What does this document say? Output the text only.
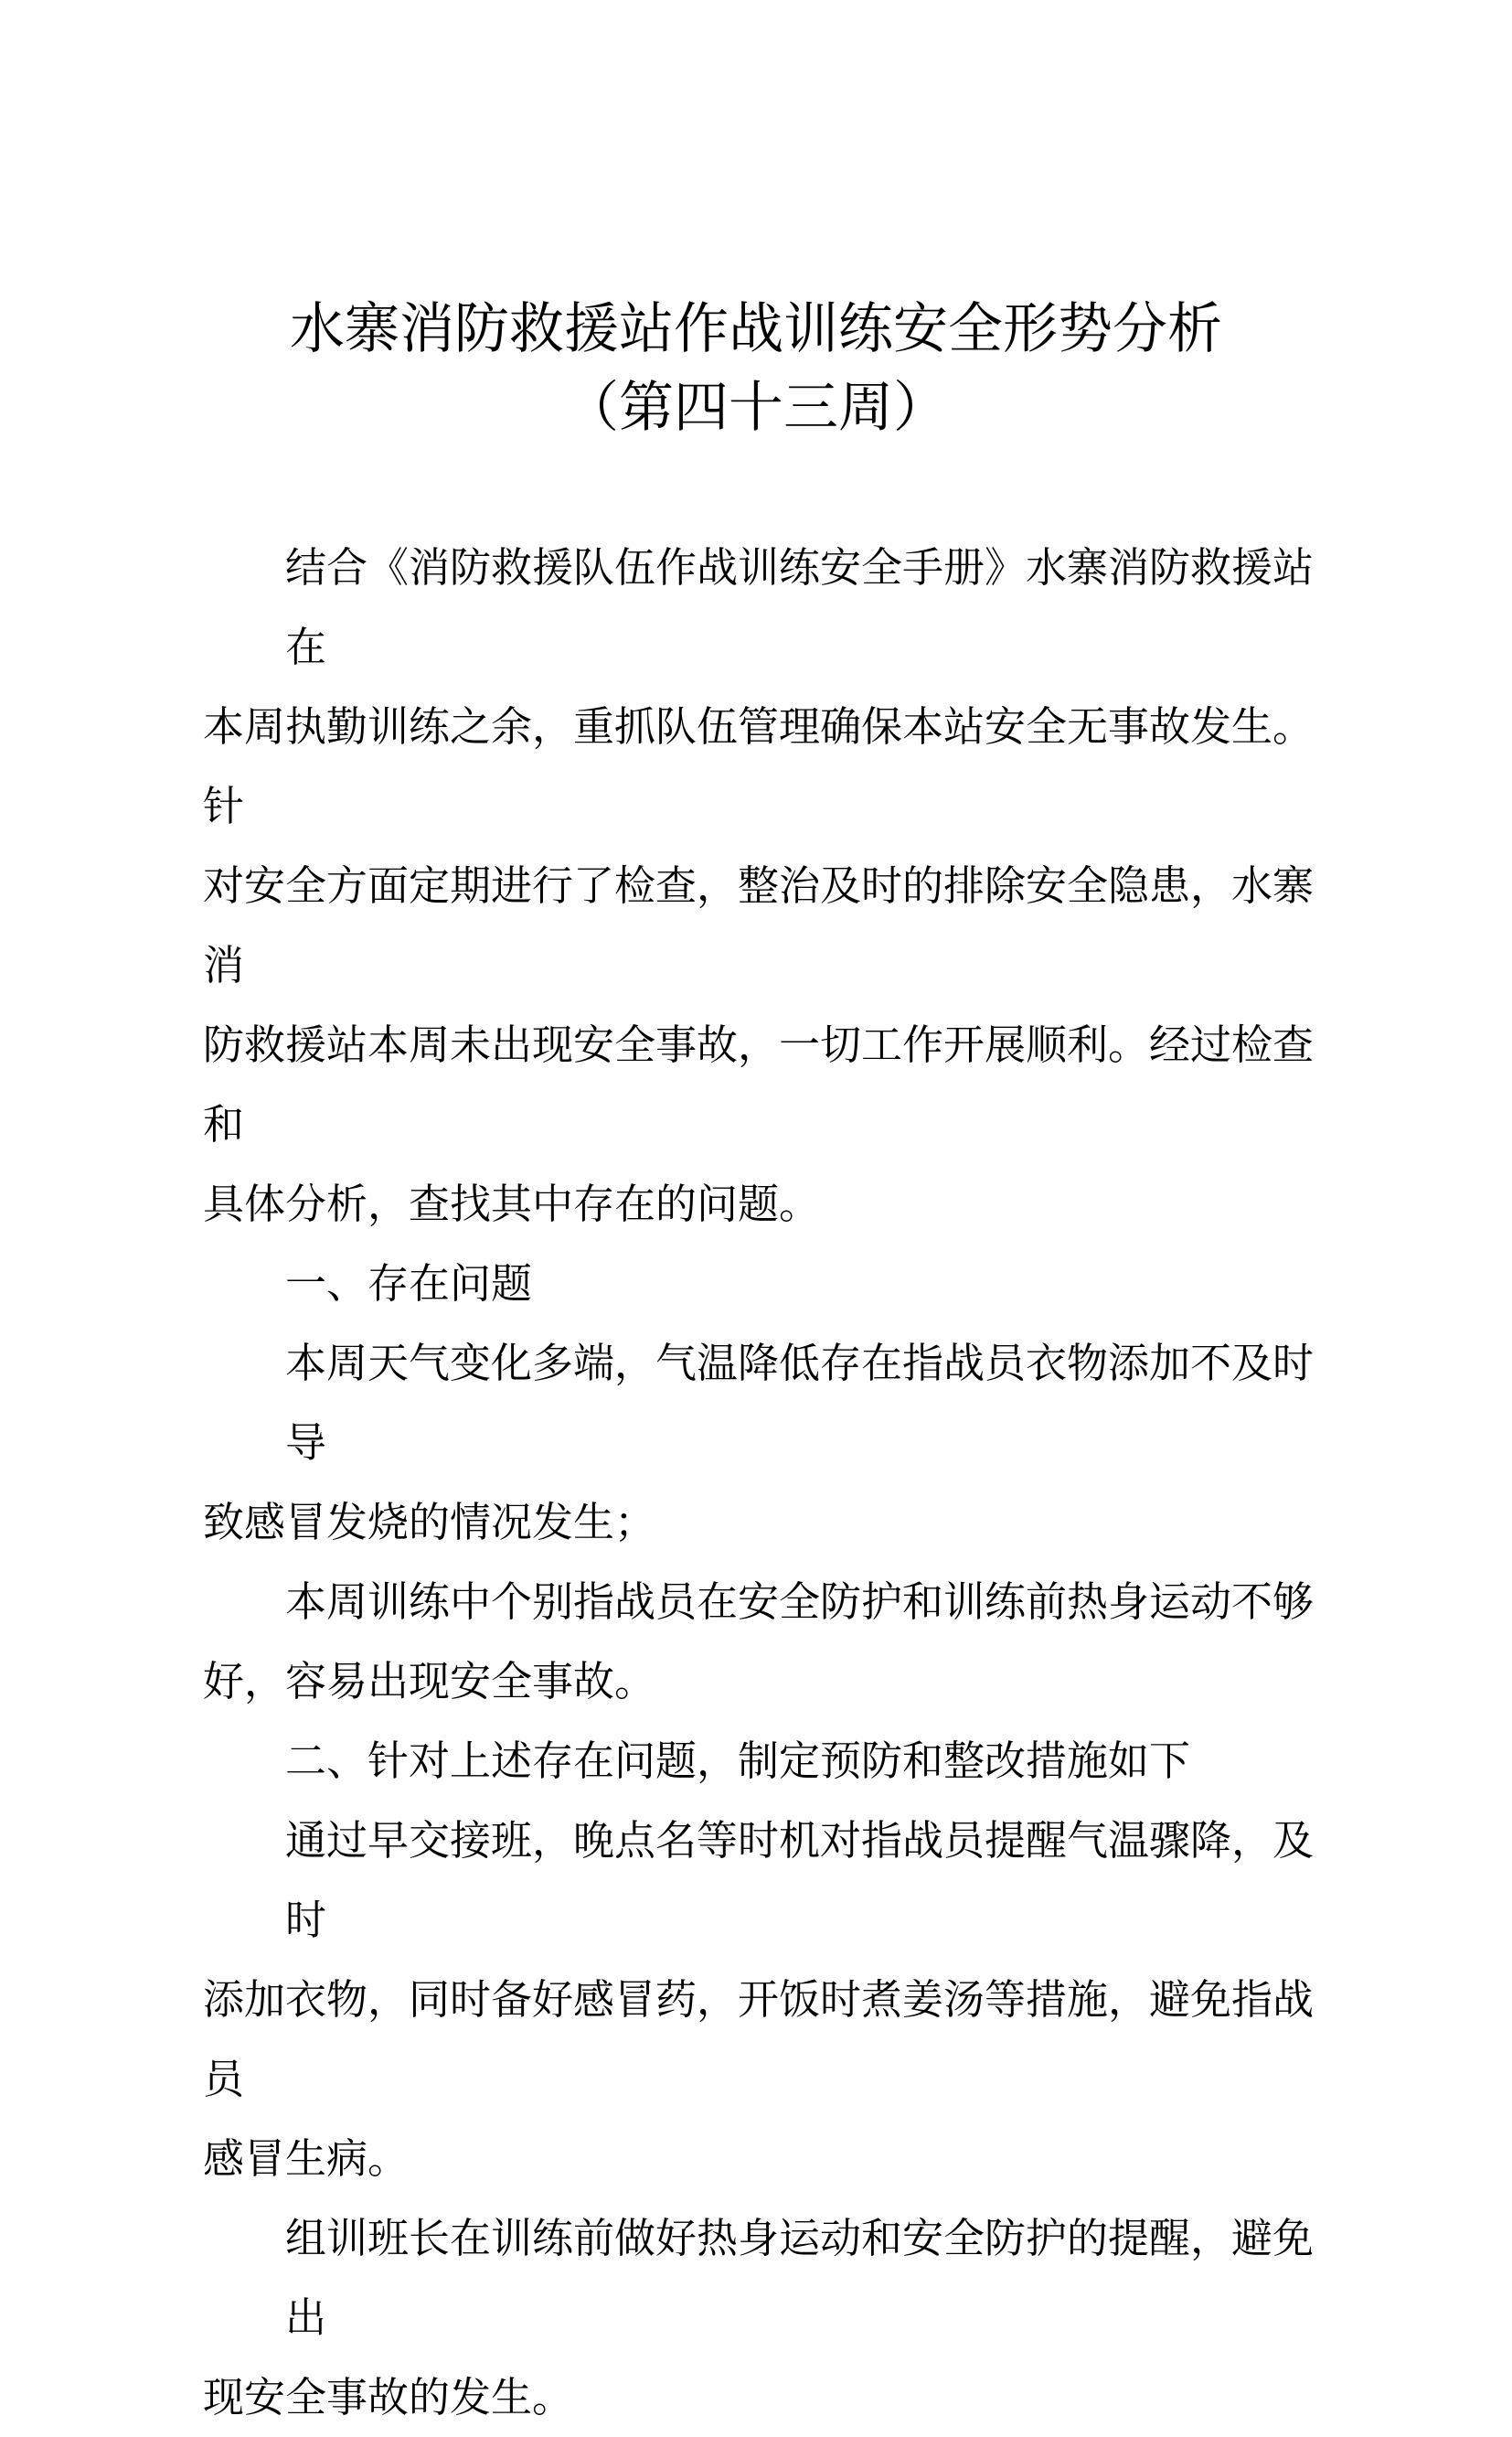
水寨消防救援站作战训练安全形势分析
（第四十三周）
结合《消防救援队伍作战训练安全手册》水寨消防救援站在
本周执勤训练之余，重抓队伍管理确保本站安全无事故发生。针
对安全方面定期进行了检查，整治及时的排除安全隐患，水寨消
防救援站本周未出现安全事故，一切工作开展顺利。经过检查和
具体分析，查找其中存在的问题。
一、存在问题
本周天气变化多端，气温降低存在指战员衣物添加不及时导
致感冒发烧的情况发生；
本周训练中个别指战员在安全防护和训练前热身运动不够
好，容易出现安全事故。
二、针对上述存在问题，制定预防和整改措施如下
通过早交接班，晚点名等时机对指战员提醒气温骤降，及时
添加衣物，同时备好感冒药，开饭时煮姜汤等措施，避免指战员
感冒生病。
组训班长在训练前做好热身运动和安全防护的提醒，避免出
现安全事故的发生。
